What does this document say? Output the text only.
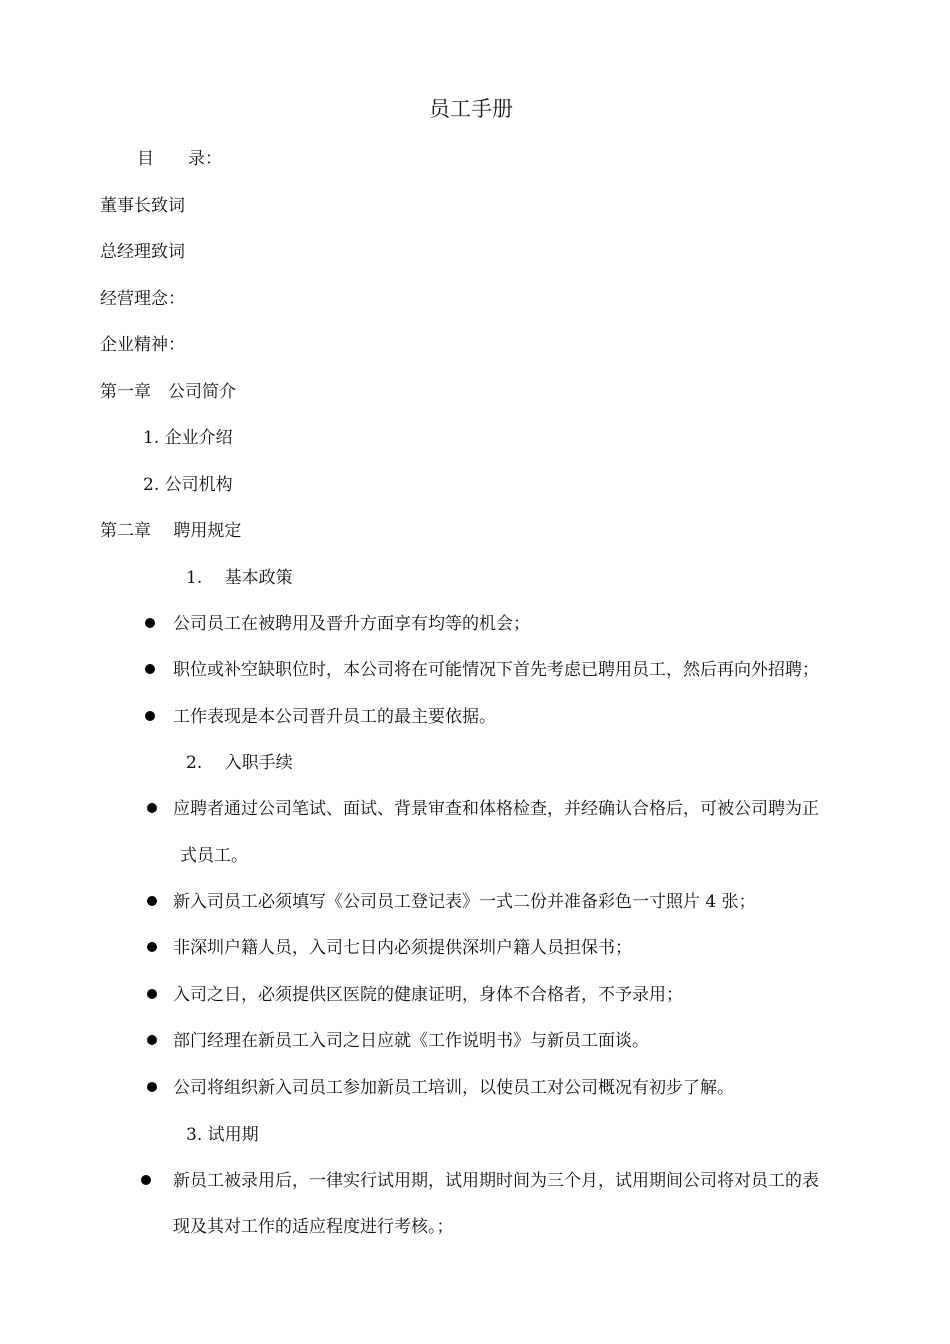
员工手册
目　　录：
董事长致词
总经理致词
经营理念：
企业精神：
第一章　公司简介
1. 企业介绍
2. 公司机构
第二章　 聘用规定
1.　 基本政策
公司员工在被聘用及晋升方面享有均等的机会；
职位或补空缺职位时，本公司将在可能情况下首先考虑已聘用员工，然后再向外招聘；
工作表现是本公司晋升员工的最主要依据。
2.　 入职手续
应聘者通过公司笔试、面试、背景审查和体格检查，并经确认合格后，可被公司聘为正
式员工。
新入司员工必须填写《公司员工登记表》一式二份并准备彩色一寸照片 4 张；
非深圳户籍人员，入司七日内必须提供深圳户籍人员担保书；
入司之日，必须提供区医院的健康证明，身体不合格者，不予录用；
部门经理在新员工入司之日应就《工作说明书》与新员工面谈。
公司将组织新入司员工参加新员工培训，以使员工对公司概况有初步了解。
3. 试用期
新员工被录用后，一律实行试用期，试用期时间为三个月，试用期间公司将对员工的表
现及其对工作的适应程度进行考核。；
